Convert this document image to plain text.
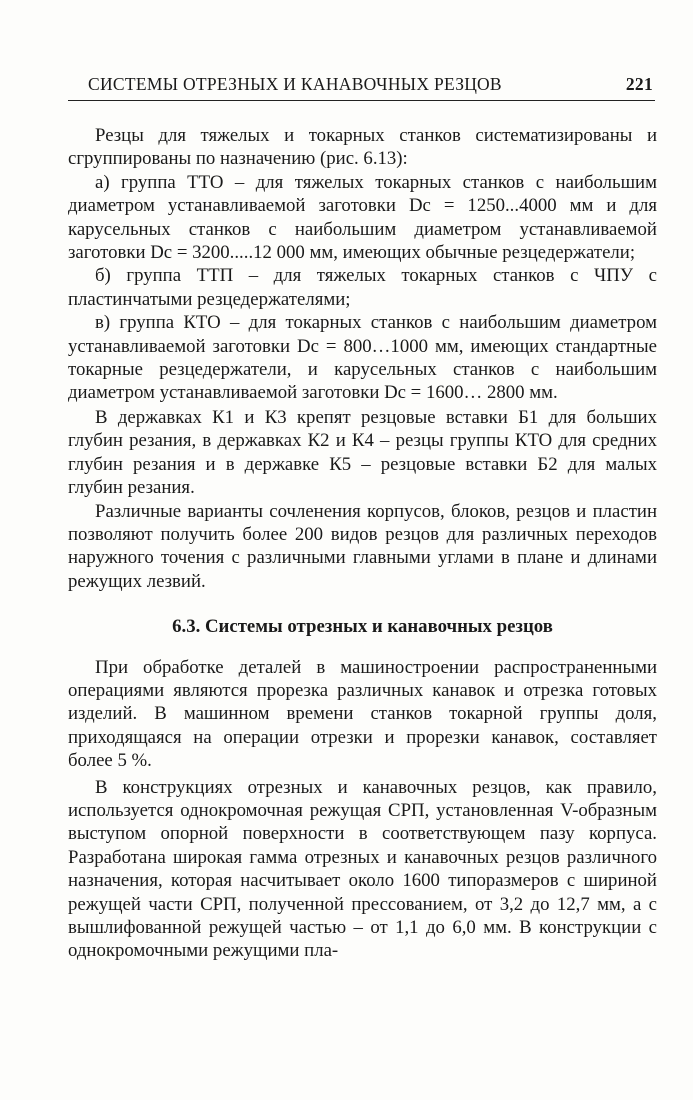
СИСТЕМЫ ОТРЕЗНЫХ И КАНАВОЧНЫХ РЕЗЦОВ	221

Резцы для тяжелых и токарных станков систематизированы и сгруппированы по назначению (рис. 6.13):

а) группа ТТО – для тяжелых токарных станков с наибольшим диаметром устанавливаемой заготовки Dс = 1250...4000 мм и для карусельных станков с наибольшим диаметром устанавливаемой заготовки Dс = 3200.....12 000 мм, имеющих обычные резцедержатели;

б) группа ТТП – для тяжелых токарных станков с ЧПУ с пластинчатыми резцедержателями;

в) группа КТО – для токарных станков с наибольшим диаметром устанавливаемой заготовки Dс = 800…1000 мм, имеющих стандартные токарные резцедержатели, и карусельных станков с наибольшим диаметром устанавливаемой заготовки Dс = 1600… 2800 мм.

В державках К1 и К3 крепят резцовые вставки Б1 для больших глубин резания, в державках К2 и К4 – резцы группы КТО для средних глубин резания и в державке К5 – резцовые вставки Б2 для малых глубин резания.

Различные варианты сочленения корпусов, блоков, резцов и пластин позволяют получить более 200 видов резцов для различных переходов наружного точения с различными главными углами в плане и длинами режущих лезвий.

6.3. Системы отрезных и канавочных резцов

При обработке деталей в машиностроении распространенными операциями являются прорезка различных канавок и отрезка готовых изделий. В машинном времени станков токарной группы доля, приходящаяся на операции отрезки и прорезки канавок, составляет более 5 %.

В конструкциях отрезных и канавочных резцов, как правило, используется однокромочная режущая СРП, установленная V-образным выступом опорной поверхности в соответствующем пазу корпуса. Разработана широкая гамма отрезных и канавочных резцов различного назначения, которая насчитывает около 1600 типоразмеров с шириной режущей части СРП, полученной прессованием, от 3,2 до 12,7 мм, а с вышлифованной режущей частью – от 1,1 до 6,0 мм. В конструкции с однокромочными режущими пла-
